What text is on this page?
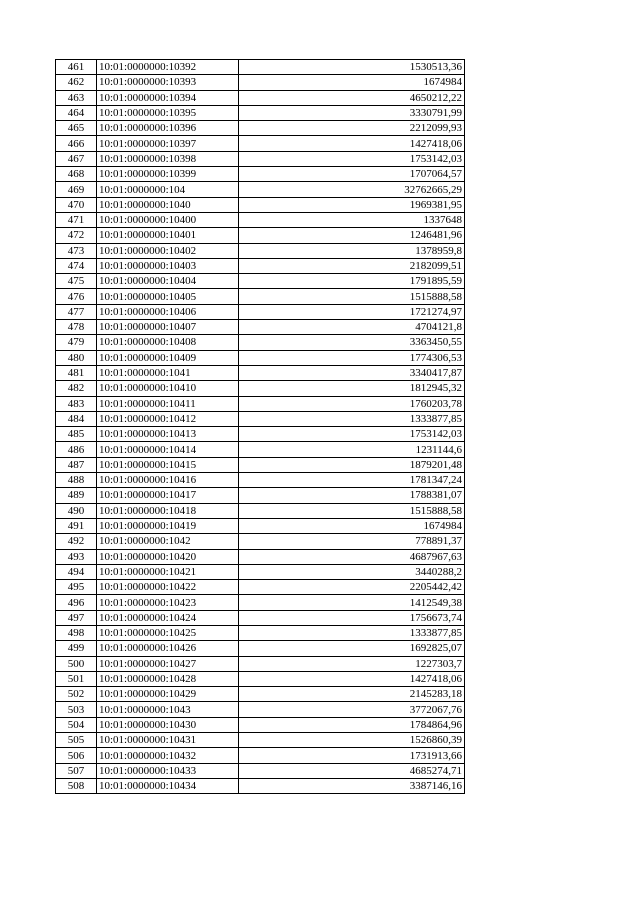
461	10:01:0000000:10392	1530513,36
462	10:01:0000000:10393	1674984
463	10:01:0000000:10394	4650212,22
464	10:01:0000000:10395	3330791,99
465	10:01:0000000:10396	2212099,93
466	10:01:0000000:10397	1427418,06
467	10:01:0000000:10398	1753142,03
468	10:01:0000000:10399	1707064,57
469	10:01:0000000:104	32762665,29
470	10:01:0000000:1040	1969381,95
471	10:01:0000000:10400	1337648
472	10:01:0000000:10401	1246481,96
473	10:01:0000000:10402	1378959,8
474	10:01:0000000:10403	2182099,51
475	10:01:0000000:10404	1791895,59
476	10:01:0000000:10405	1515888,58
477	10:01:0000000:10406	1721274,97
478	10:01:0000000:10407	4704121,8
479	10:01:0000000:10408	3363450,55
480	10:01:0000000:10409	1774306,53
481	10:01:0000000:1041	3340417,87
482	10:01:0000000:10410	1812945,32
483	10:01:0000000:10411	1760203,78
484	10:01:0000000:10412	1333877,85
485	10:01:0000000:10413	1753142,03
486	10:01:0000000:10414	1231144,6
487	10:01:0000000:10415	1879201,48
488	10:01:0000000:10416	1781347,24
489	10:01:0000000:10417	1788381,07
490	10:01:0000000:10418	1515888,58
491	10:01:0000000:10419	1674984
492	10:01:0000000:1042	778891,37
493	10:01:0000000:10420	4687967,63
494	10:01:0000000:10421	3440288,2
495	10:01:0000000:10422	2205442,42
496	10:01:0000000:10423	1412549,38
497	10:01:0000000:10424	1756673,74
498	10:01:0000000:10425	1333877,85
499	10:01:0000000:10426	1692825,07
500	10:01:0000000:10427	1227303,7
501	10:01:0000000:10428	1427418,06
502	10:01:0000000:10429	2145283,18
503	10:01:0000000:1043	3772067,76
504	10:01:0000000:10430	1784864,96
505	10:01:0000000:10431	1526860,39
506	10:01:0000000:10432	1731913,66
507	10:01:0000000:10433	4685274,71
508	10:01:0000000:10434	3387146,16
